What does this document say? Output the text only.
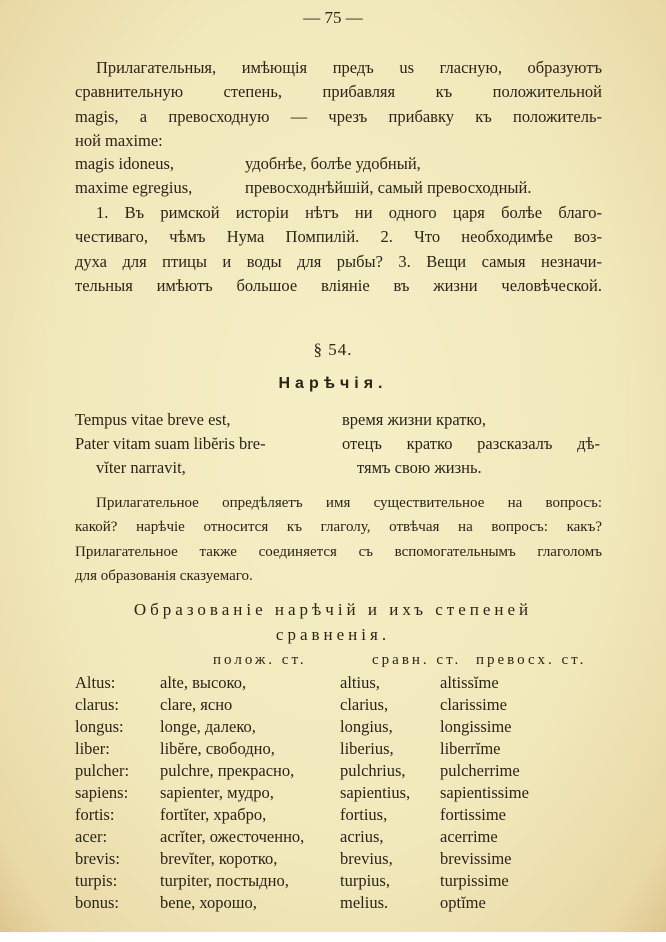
— 75 —
Прилагательныя, имѣющія предъ us гласную, образуютъ
сравнительную степень, прибавляя къ положительной
magis, а превосходную — чрезъ прибавку къ положитель-
ной maxime:
magis idoneus,	удобнѣе, болѣе удобный,
maxime egregius,	превосходнѣйшій, самый превосходный.
1. Въ римской исторіи нѣтъ ни одного царя болѣе благо-
честиваго, чѣмъ Нума Помпилій. 2. Что необходимѣе воз-
духа для птицы и воды для рыбы? 3. Вещи самыя незначи-
тельныя имѣютъ большое вліяніе въ жизни человѣческой.
§ 54.
Нарѣчія.
Tempus vitae breve est,	время жизни кратко,
Pater vitam suam libĕris bre-	отецъ кратко разсказалъ дѣ-
vĭter narravit,	тямъ свою жизнь.
Прилагательное опредѣляетъ имя существительное на вопросъ:
какой? нарѣчіе относится къ глаголу, отвѣчая на вопросъ: какъ?
Прилагательное также соединяется съ вспомогательнымъ глаголомъ
для образованія сказуемаго.
Образованіе нарѣчій и ихъ степеней
сравненія.
полож. ст.	сравн. ст. превосх. ст.
Altus:	alte, высоко,	altius,	altissĭme
clarus: clare, ясно	clarius,	clarissime
longus: longe, далеко,	longius,	longissime
liber:	libĕre, свободно,	liberius,	liberrĭme
pulcher: pulchre, прекрасно,	pulchrius, pulcherrime
sapiens: sapienter, мудро,	sapientius, sapientissime
fortis:	fortĭter, храбро,	fortius,	fortissime
acer:	acrĭter, ожесточенно, acrius,	acerrime
brevis: brevĭter, коротко,	brevius,	brevissime
turpis:	turpiter, постыдно,	turpius,	turpissime
bonus: bene, хорошо,	melius.	optĭme
